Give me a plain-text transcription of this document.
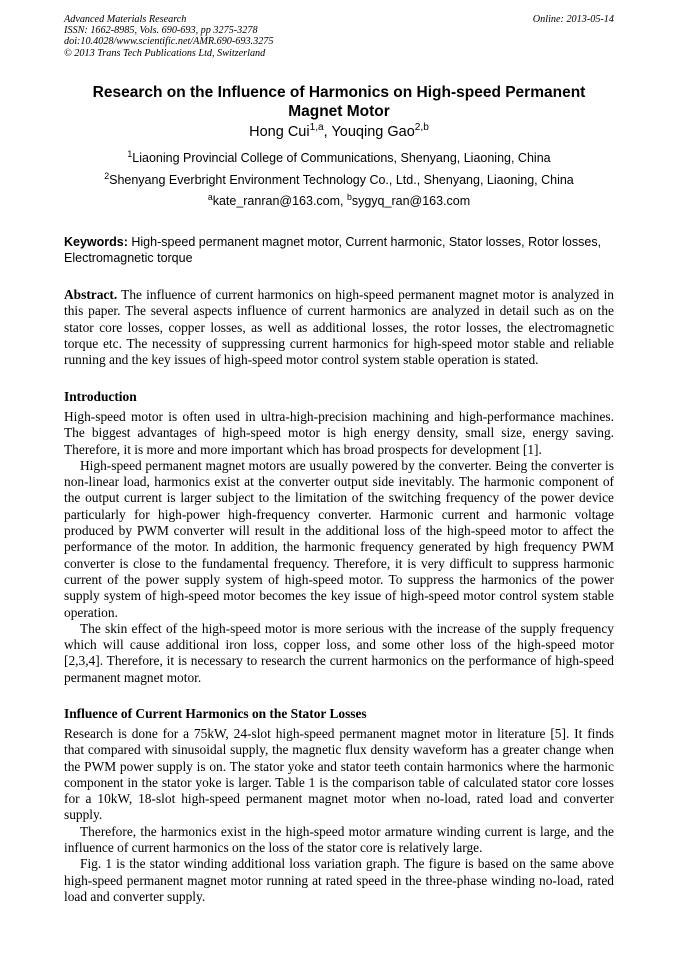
Advanced Materials Research
ISSN: 1662-8985, Vols. 690-693, pp 3275-3278
doi:10.4028/www.scientific.net/AMR.690-693.3275
© 2013 Trans Tech Publications Ltd, Switzerland
Online: 2013-05-14
Research on the Influence of Harmonics on High-speed Permanent
Magnet Motor
Hong Cui$^{1,a}$, Youqing Gao$^{2,b}$
$^1$Liaoning Provincial College of Communications, Shenyang, Liaoning, China
$^2$Shenyang Everbright Environment Technology Co., Ltd., Shenyang, Liaoning, China
$^a$kate_ranran@163.com, $^b$sygyq_ran@163.com
Keywords: High-speed permanent magnet motor, Current harmonic, Stator losses, Rotor losses, Electromagnetic torque

Abstract. The influence of current harmonics on high-speed permanent magnet motor is analyzed in this paper. The several aspects influence of current harmonics are analyzed in detail such as on the stator core losses, copper losses, as well as additional losses, the rotor losses, the electromagnetic torque etc. The necessity of suppressing current harmonics for high-speed motor stable and reliable running and the key issues of high-speed motor control system stable operation is stated.

Introduction

High-speed motor is often used in ultra-high-precision machining and high-performance machines. The biggest advantages of high-speed motor is high energy density, small size, energy saving. Therefore, it is more and more important which has broad prospects for development [1].

High-speed permanent magnet motors are usually powered by the converter. Being the converter is non-linear load, harmonics exist at the converter output side inevitably. The harmonic component of the output current is larger subject to the limitation of the switching frequency of the power device particularly for high-power high-frequency converter. Harmonic current and harmonic voltage produced by PWM converter will result in the additional loss of the high-speed motor to affect the performance of the motor. In addition, the harmonic frequency generated by high frequency PWM converter is close to the fundamental frequency. Therefore, it is very difficult to suppress harmonic current of the power supply system of high-speed motor. To suppress the harmonics of the power supply system of high-speed motor becomes the key issue of high-speed motor control system stable operation.

The skin effect of the high-speed motor is more serious with the increase of the supply frequency which will cause additional iron loss, copper loss, and some other loss of the high-speed motor [2,3,4]. Therefore, it is necessary to research the current harmonics on the performance of high-speed permanent magnet motor.

Influence of Current Harmonics on the Stator Losses

Research is done for a 75kW, 24-slot high-speed permanent magnet motor in literature [5]. It finds that compared with sinusoidal supply, the magnetic flux density waveform has a greater change when the PWM power supply is on. The stator yoke and stator teeth contain harmonics where the harmonic component in the stator yoke is larger. Table 1 is the comparison table of calculated stator core losses for a 10kW, 18-slot high-speed permanent magnet motor when no-load, rated load and converter supply.

Therefore, the harmonics exist in the high-speed motor armature winding current is large, and the influence of current harmonics on the loss of the stator core is relatively large.

Fig. 1 is the stator winding additional loss variation graph. The figure is based on the same above high-speed permanent magnet motor running at rated speed in the three-phase winding no-load, rated load and converter supply.
